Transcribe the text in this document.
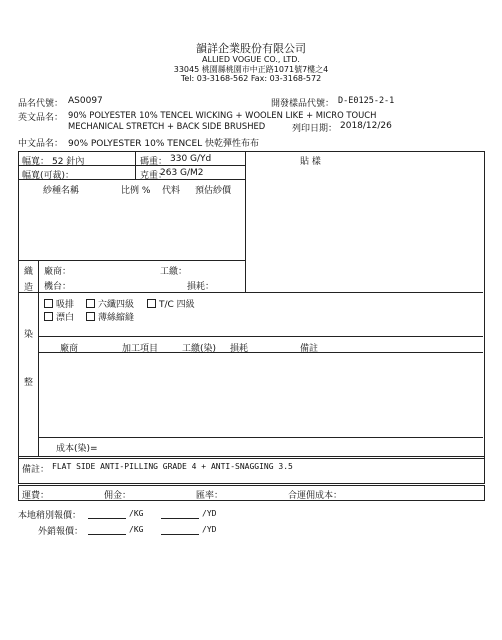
韻詳企業股份有限公司
ALLIED VOGUE CO., LTD.
33045 桃園縣桃園市中正路1071號7樓之4
Tel: 03-3168-562 Fax: 03-3168-572
品名代號： AS0097	開發樣品代號： D-E0125-2-1
英文品名： 90% POLYESTER 10% TENCEL WICKING + WOOLEN LIKE + MICRO TOUCH
MECHANICAL STRETCH + BACK SIDE BRUSHED	列印日期： 2018/12/26
中文品名： 90% POLYESTER 10% TENCEL 快乾彈性布布
幅寬： 52 針內	碼重： 330 G/Yd	貼 樣
幅寬(可裁)：	克重：
263 G/M2
紗種名稱	比例 % 代料 預估紗價
織
造
廠商：	工繳：
機台：	損耗：
吸排	六纖四級	T/C 四級
漂白	薄絲縮縫
染
整
廠商	加工項目	工繳(染) 損耗	備註
成本(染)=
備註： FLAT SIDE ANTI-PILLING GRADE 4 + ANTI-SNAGGING 3.5
運費：	佣金：	匯率：	合運佣成本：
本地稍別報價：	/KG	/YD
外銷報價：	/KG	/YD
